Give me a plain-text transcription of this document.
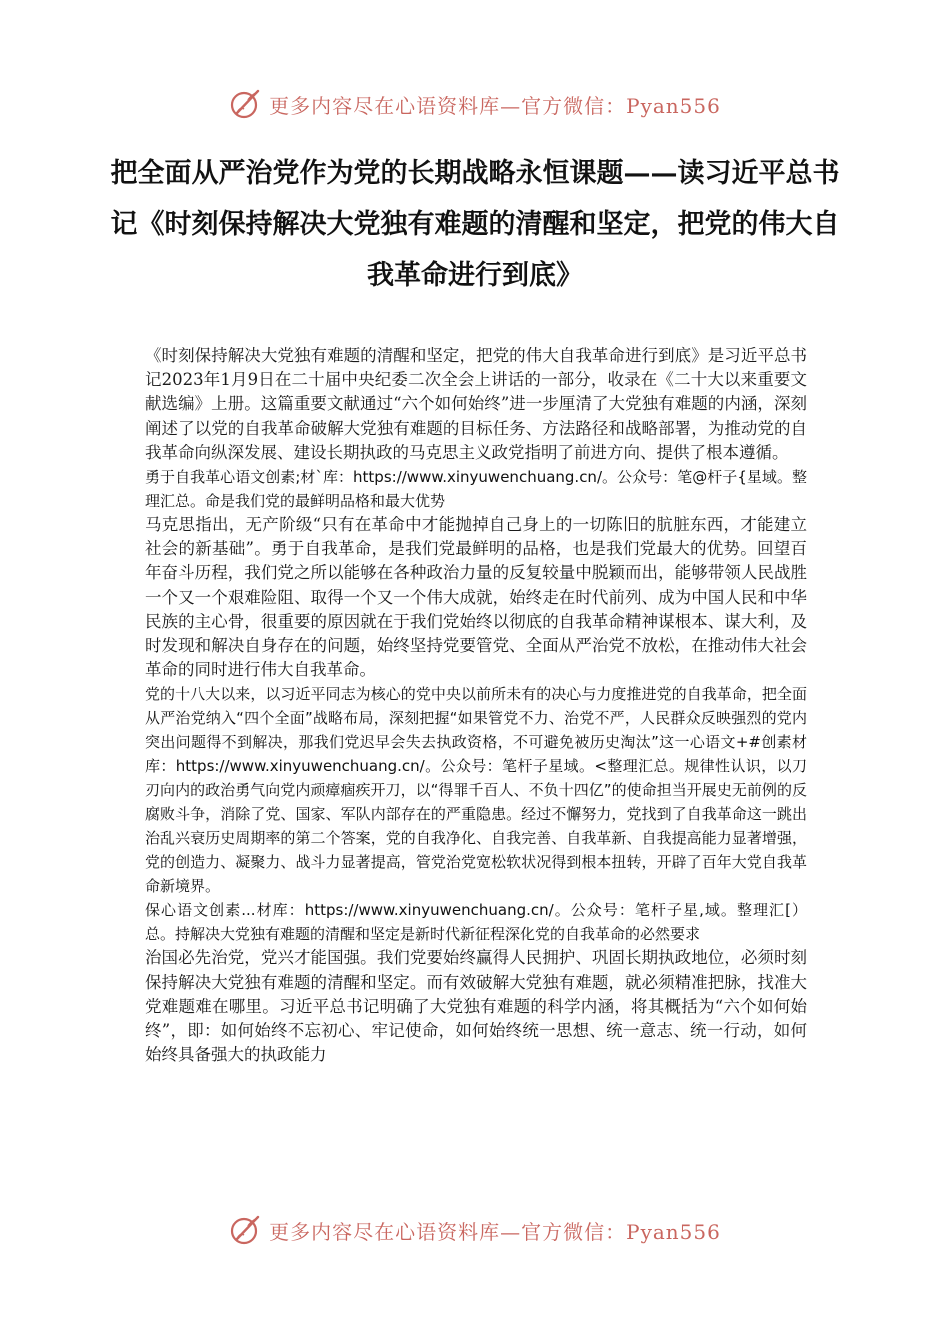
更多内容尽在心语资料库—官方微信：Pyan556
把全面从严治党作为党的长期战略永恒课题——读习近平总书记《时刻保持解决大党独有难题的清醒和坚定，把党的伟大自我革命进行到底》

《时刻保持解决大党独有难题的清醒和坚定，把党的伟大自我革命进行到底》是习近平总书记2023年1月9日在二十届中央纪委二次全会上讲话的一部分，收录在《二十大以来重要文献选编》上册。这篇重要文献通过“六个如何始终”进一步厘清了大党独有难题的内涵，深刻阐述了以党的自我革命破解大党独有难题的目标任务、方法路径和战略部署，为推动党的自我革命向纵深发展、建设长期执政的马克思主义政党指明了前进方向、提供了根本遵循。

勇于自我革心语文创素;材`库：https://www.xinyuwenchuang.cn/。公众号：笔@杆子{星域。整理汇总。命是我们党的最鲜明品格和最大优势

马克思指出，无产阶级“只有在革命中才能抛掉自己身上的一切陈旧的肮脏东西，才能建立社会的新基础”。勇于自我革命，是我们党最鲜明的品格，也是我们党最大的优势。回望百年奋斗历程，我们党之所以能够在各种政治力量的反复较量中脱颖而出，能够带领人民战胜一个又一个艰难险阻、取得一个又一个伟大成就，始终走在时代前列、成为中国人民和中华民族的主心骨，很重要的原因就在于我们党始终以彻底的自我革命精神谋根本、谋大利，及时发现和解决自身存在的问题，始终坚持党要管党、全面从严治党不放松，在推动伟大社会革命的同时进行伟大自我革命。

党的十八大以来，以习近平同志为核心的党中央以前所未有的决心与力度推进党的自我革命，把全面从严治党纳入“四个全面”战略布局，深刻把握“如果管党不力、治党不严，人民群众反映强烈的党内突出问题得不到解决，那我们党迟早会失去执政资格，不可避免被历史淘汰”这一心语文+#创素材库：https://www.xinyuwenchuang.cn/。公众号：笔杆子星域。<整理汇总。规律性认识，以刀刃向内的政治勇气向党内顽瘴痼疾开刀，以“得罪千百人、不负十四亿”的使命担当开展史无前例的反腐败斗争，消除了党、国家、军队内部存在的严重隐患。经过不懈努力，党找到了自我革命这一跳出治乱兴衰历史周期率的第二个答案，党的自我净化、自我完善、自我革新、自我提高能力显著增强，党的创造力、凝聚力、战斗力显著提高，管党治党宽松软状况得到根本扭转，开辟了百年大党自我革命新境界。

保心语文创素...材库：https://www.xinyuwenchuang.cn/。公众号：笔杆子星,域。整理汇[）总。持解决大党独有难题的清醒和坚定是新时代新征程深化党的自我革命的必然要求

治国必先治党，党兴才能国强。我们党要始终赢得人民拥护、巩固长期执政地位，必须时刻保持解决大党独有难题的清醒和坚定。而有效破解大党独有难题，就必须精准把脉，找准大党难题难在哪里。习近平总书记明确了大党独有难题的科学内涵，将其概括为“六个如何始终”，即：如何始终不忘初心、牢记使命，如何始终统一思想、统一意志、统一行动，如何始终具备强大的执政能力

更多内容尽在心语资料库—官方微信：Pyan556
